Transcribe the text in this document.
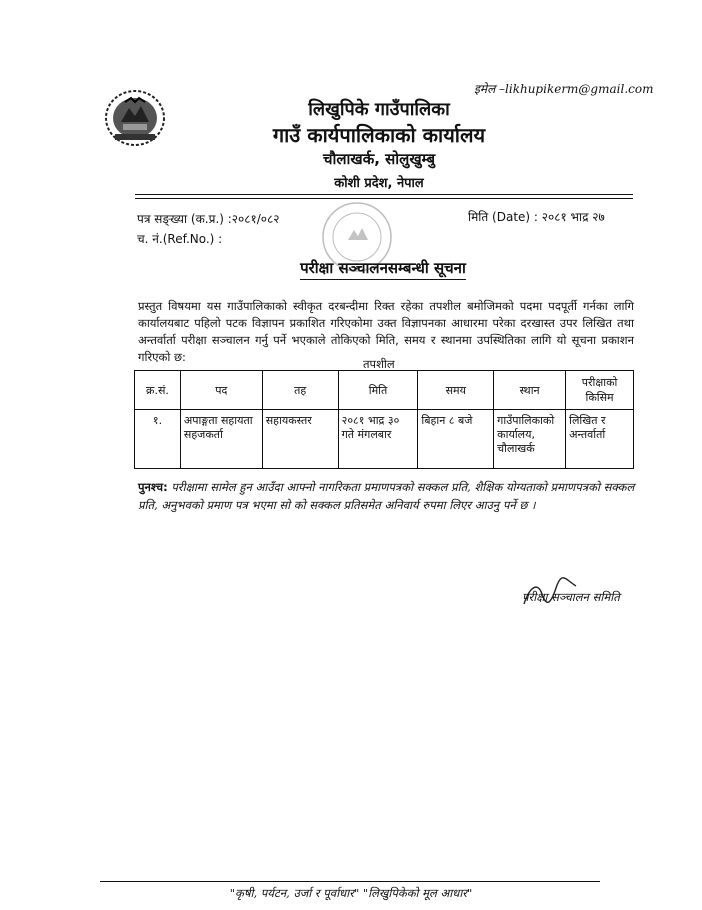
इमेल –likhupikerm@gmail.com
लिखुपिके गाउँपालिका
गाउँ कार्यपालिकाको कार्यालय
चौलाखर्क, सोलुखुम्बु
कोशी प्रदेश, नेपाल
पत्र सङ्ख्या (क.प्र.) :२०८१/०८२
च. नं.(Ref.No.) :
मिति (Date) : २०८१ भाद्र २७
परीक्षा सञ्चालनसम्बन्धी सूचना
प्रस्तुत विषयमा यस गाउँपालिकाको स्वीकृत दरबन्दीमा रिक्त रहेका तपशील बमोजिमको पदमा पदपूर्ती गर्नका लागि कार्यालयबाट पहिलो पटक विज्ञापन प्रकाशित गरिएकोमा उक्त विज्ञापनका आधारमा परेका दरखास्त उपर लिखित तथा अन्तर्वार्ता परीक्षा सञ्चालन गर्नु पर्ने भएकाले तोकिएको मिति, समय र स्थानमा उपस्थितिका लागि यो सूचना प्रकाशन गरिएको छ:	तपशील
क्र.सं.	पद	तह	मिति	समय	स्थान	परीक्षाको किसिम
१.	अपाङ्गता सहायता सहजकर्ता	सहायकस्तर	२०८१ भाद्र ३० गते मंगलबार	बिहान ८ बजे	गाउँपालिकाको कार्यालय, चौलाखर्क	लिखित र अन्तर्वार्ता
पुनश्च: परीक्षामा सामेल हुन आउँदा आफ्नो नागरिकता प्रमाणपत्रको सक्कल प्रति, शैक्षिक योग्यताको प्रमाणपत्रको सक्कल प्रति, अनुभवको प्रमाण पत्र भएमा सो को सक्कल प्रतिसमेत अनिवार्य रुपमा लिएर आउनु पर्ने छ ।
परीक्षा सञ्चालन समिति
"कृषी, पर्यटन, उर्जा र पूर्वाधार" "लिखुपिकेको मूल आधार"
